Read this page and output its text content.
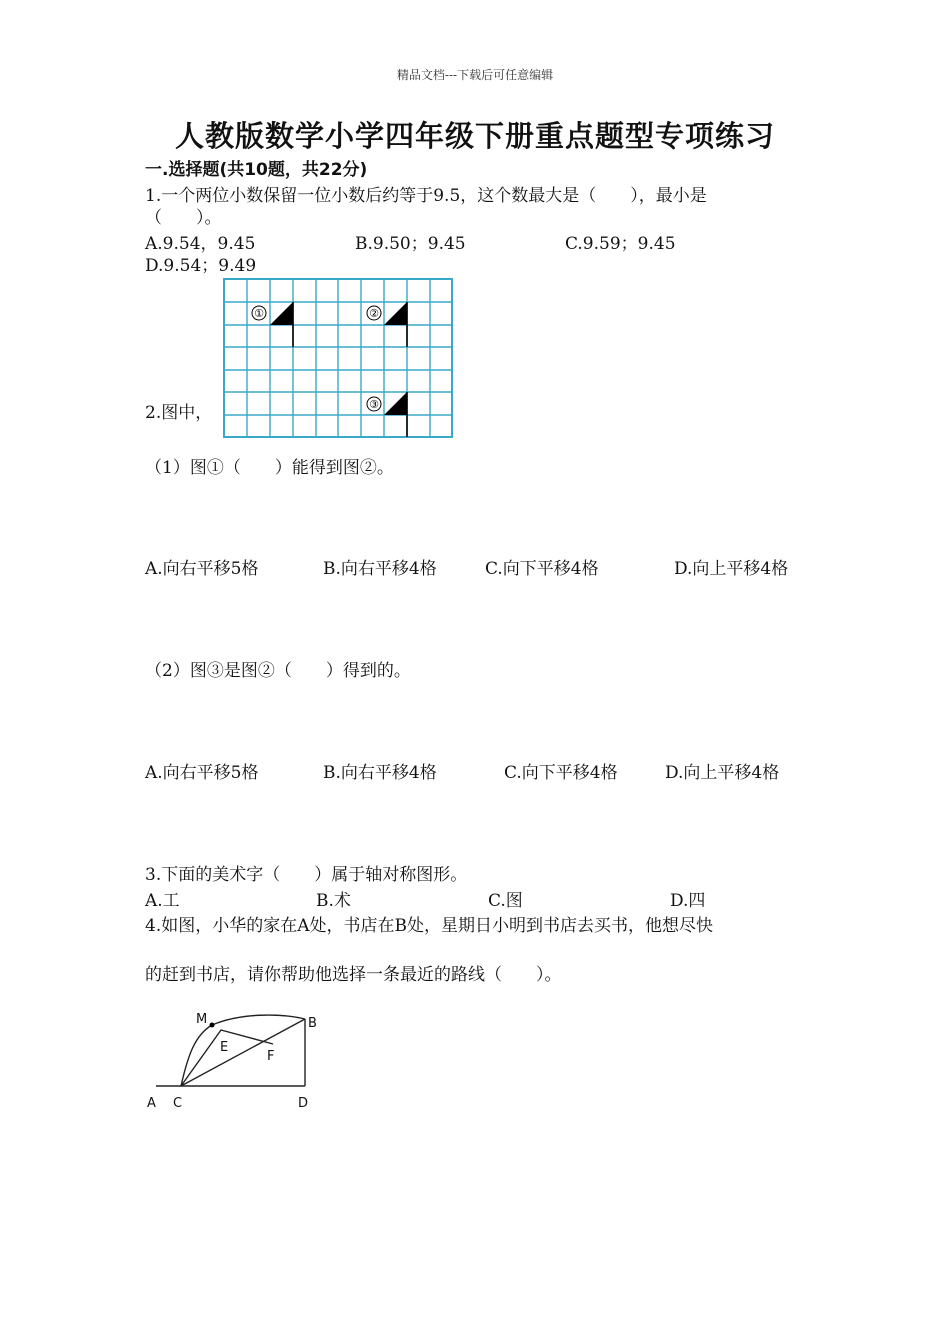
精品文档---下载后可任意编辑
人教版数学小学四年级下册重点题型专项练习
一.选择题(共10题，共22分)
1.一个两位小数保留一位小数后约等于9.5，这个数最大是（　　），最小是
（　　）。
A.9.54，9.45	B.9.50；9.45	C.9.59；9.45
D.9.54；9.49
2.图中，
①	②
③
（1）图①（　　）能得到图②。
A.向右平移5格	B.向右平移4格	C.向下平移4格	D.向上平移4格
（2）图③是图②（　　）得到的。
A.向右平移5格	B.向右平移4格	C.向下平移4格	D.向上平移4格
3.下面的美术字（　　）属于轴对称图形。
A.工	B.术	C.图	D.四
4.如图，小华的家在A处，书店在B处，星期日小明到书店去买书，他想尽快
的赶到书店，请你帮助他选择一条最近的路线（　　）。
M	B
E
F
A C	D
